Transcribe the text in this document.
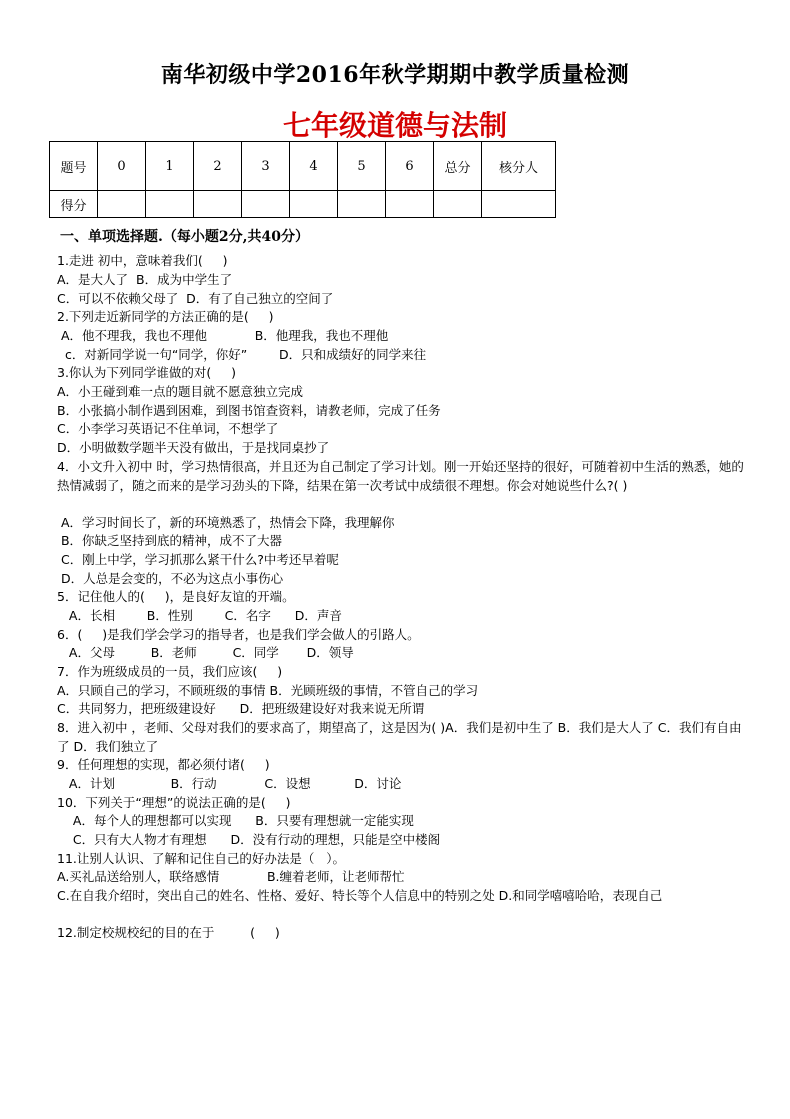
南华初级中学2016年秋学期期中教学质量检测
七年级道德与法制
题号	0	1	2	3	4	5	6	总分	核分人
得分									
一、单项选择题.（每小题2分,共40分）
1.走进 初中，意味着我们(     )
A．是大人了  B．成为中学生了
C．可以不依赖父母了  D．有了自己独立的空间了
2.下列走近新同学的方法正确的是(     )
A．他不理我，我也不理他            B．他理我，我也不理他
c．对新同学说一句“同学，你好”        D．只和成绩好的同学来往
3.你认为下列同学谁做的对(     )
A．小王碰到难一点的题目就不愿意独立完成
B．小张搞小制作遇到困难，到图书馆查资料，请教老师，完成了任务
C．小李学习英语记不住单词，不想学了
D．小明做数学题半天没有做出，于是找同桌抄了
4．小文升入初中 时，学习热情很高，并且还为自己制定了学习计划。刚一开始还坚持的很好，可随着初中生活的熟悉，她的热情减弱了，随之而来的是学习劲头的下降，结果在第一次考试中成绩很不理想。你会对她说些什么?( )
A．学习时间长了，新的环境熟悉了，热情会下降，我理解你
B．你缺乏坚持到底的精神，成不了大器
C．刚上中学，学习抓那么紧干什么?中考还早着呢
D．人总是会变的，不必为这点小事伤心
5．记住他人的(     )，是良好友谊的开端。
A．长相        B．性别        C．名字      D．声音
6．(     )是我们学会学习的指导者，也是我们学会做人的引路人。
A．父母         B．老师         C．同学       D．领导
7．作为班级成员的一员，我们应该(     )
A．只顾自己的学习，不顾班级的事情 B．光顾班级的事情，不管自己的学习
C．共同努力，把班级建设好      D．把班级建设好对我来说无所谓
8．进入初中 ，老师、父母对我们的要求高了，期望高了，这是因为( )A．我们是初中生了 B．我们是大人了 C．我们有自由了 D．我们独立了
9．任何理想的实现，都必须付诸(     )
A．计划              B．行动            C．设想           D．讨论
10．下列关于“理想”的说法正确的是(     )
A．每个人的理想都可以实现      B．只要有理想就一定能实现
C．只有大人物才有理想      D．没有行动的理想，只能是空中楼阁
11.让别人认识、了解和记住自己的好办法是（   ）。
A.买礼品送给别人，联络感情            B.缠着老师，让老师帮忙
C.在自我介绍时，突出自己的姓名、性格、爱好、特长等个人信息中的特别之处 D.和同学嘻嘻哈哈，表现自己
12.制定校规校纪的目的在于         (     )
